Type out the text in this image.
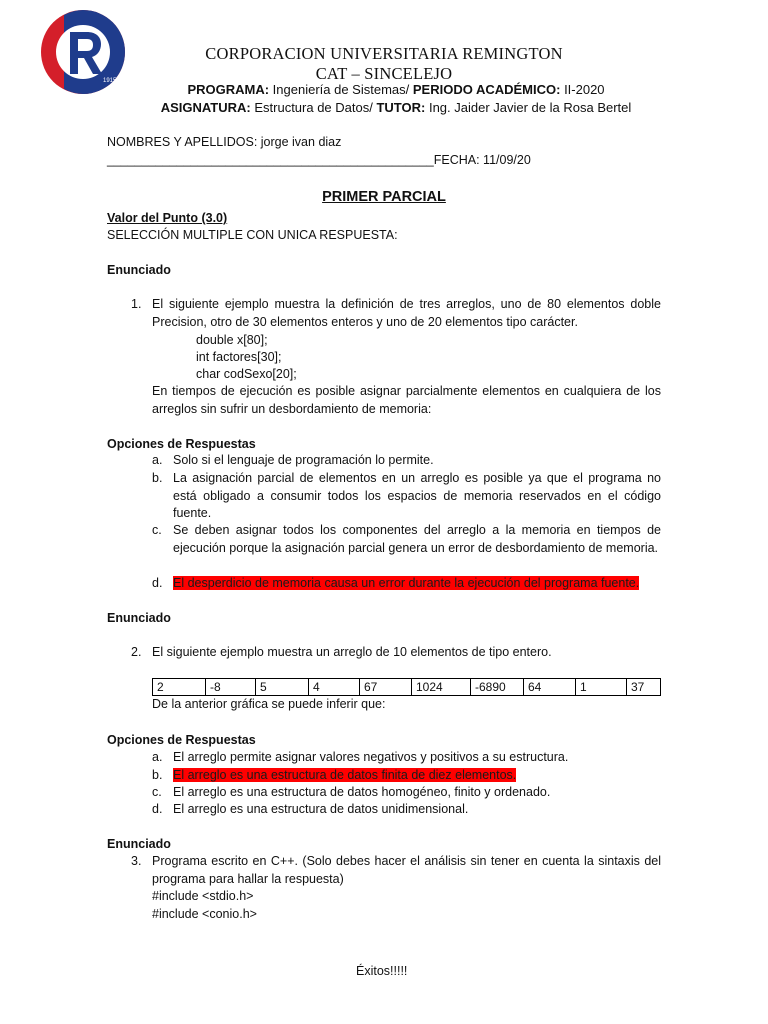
1915
CORPORACION UNIVERSITARIA REMINGTON
CAT – SINCELEJO
PROGRAMA: Ingeniería de Sistemas/ PERIODO ACADÉMICO: II-2020
ASIGNATURA: Estructura de Datos/ TUTOR: Ing. Jaider Javier de la Rosa Bertel
NOMBRES Y APELLIDOS: jorge ivan diaz
_______________________________________________FECHA: 11/09/20
PRIMER PARCIAL
Valor del Punto (3.0)
SELECCIÓN MULTIPLE CON UNICA RESPUESTA:
Enunciado
1. El siguiente ejemplo muestra la definición de tres arreglos, uno de 80 elementos doble Precision, otro de 30 elementos enteros y uno de 20 elementos tipo carácter.
double x[80];
int factores[30];
char codSexo[20];
En tiempos de ejecución es posible asignar parcialmente elementos en cualquiera de los arreglos sin sufrir un desbordamiento de memoria:
Opciones de Respuestas
a. Solo si el lenguaje de programación lo permite.
b. La asignación parcial de elementos en un arreglo es posible ya que el programa no está obligado a consumir todos los espacios de memoria reservados en el código fuente.
c. Se deben asignar todos los componentes del arreglo a la memoria en tiempos de ejecución porque la asignación parcial genera un error de desbordamiento de memoria.
d. El desperdicio de memoria causa un error durante la ejecución del programa fuente.
Enunciado
2. El siguiente ejemplo muestra un arreglo de 10 elementos de tipo entero.
2	-8	5	4	67	1024	-6890	64	1	37
De la anterior gráfica se puede inferir que:
Opciones de Respuestas
a. El arreglo permite asignar valores negativos y positivos a su estructura.
b. El arreglo es una estructura de datos finita de diez elementos.
c. El arreglo es una estructura de datos homogéneo, finito y ordenado.
d. El arreglo es una estructura de datos unidimensional.
Enunciado
3. Programa escrito en C++. (Solo debes hacer el análisis sin tener en cuenta la sintaxis del programa para hallar la respuesta)
#include <stdio.h>
#include <conio.h>
Éxitos!!!!!
